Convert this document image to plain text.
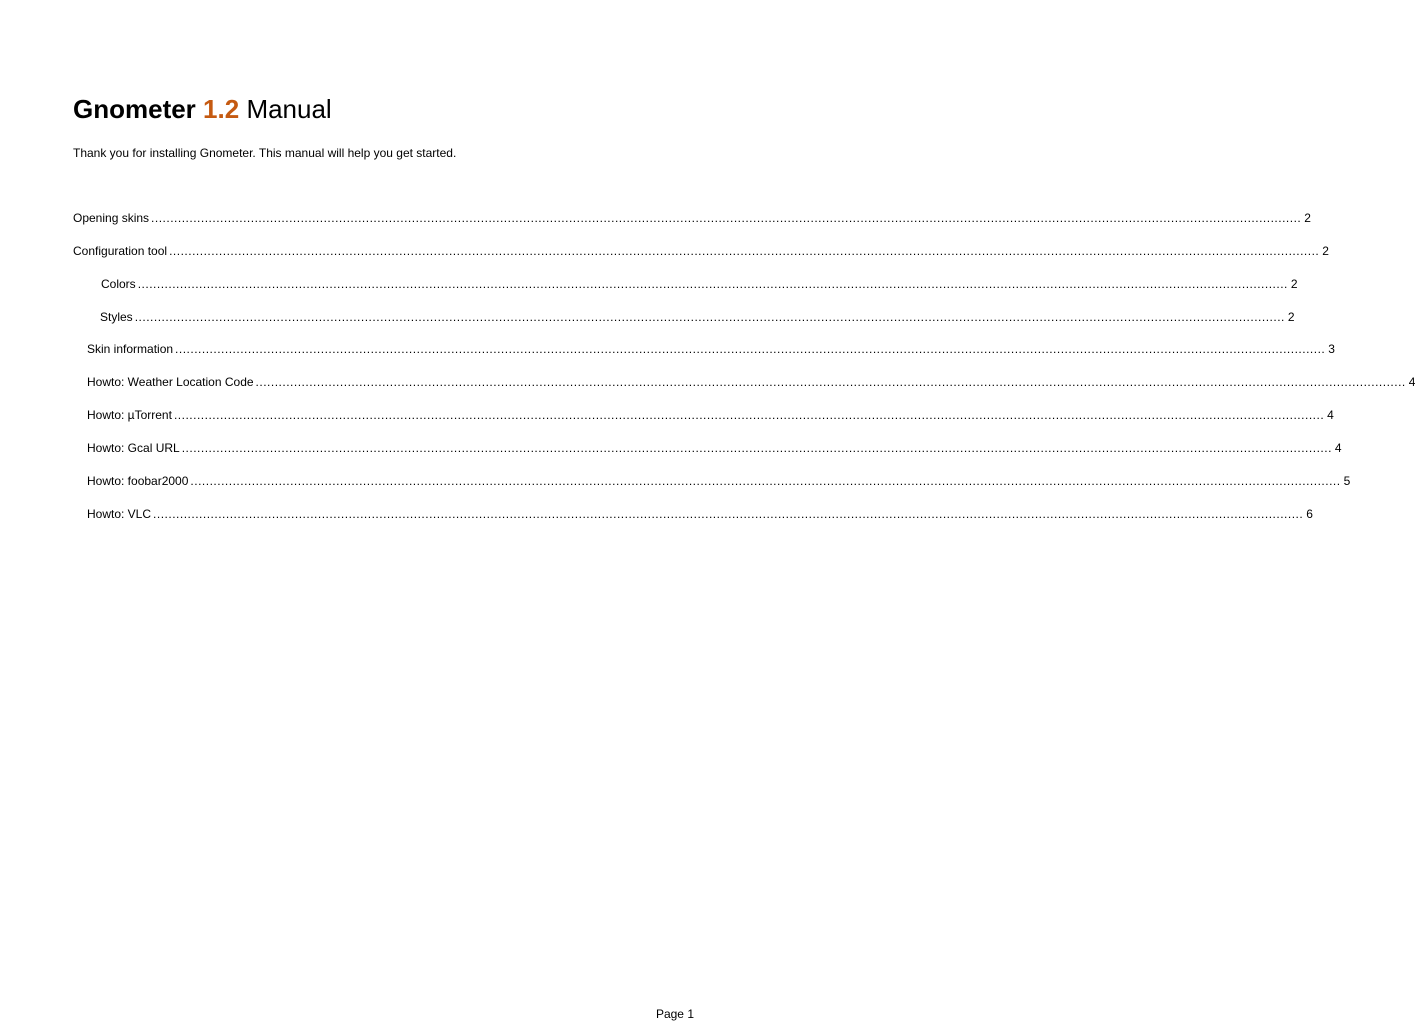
Gnometer 1.2 Manual
Thank you for installing Gnometer. This manual will help you get started.
Opening skins ............................................................................................................................................................................................................................................................................................................ 2
Configuration tool ............................................................................................................................................................................................................................................................................................................ 2
Colors ............................................................................................................................................................................................................................................................................................................ 2
Styles ............................................................................................................................................................................................................................................................................................................ 2
Skin information ............................................................................................................................................................................................................................................................................................................ 3
Howto: Weather Location Code ............................................................................................................................................................................................................................................................................................................ 4
Howto: µTorrent ............................................................................................................................................................................................................................................................................................................ 4
Howto: Gcal URL ............................................................................................................................................................................................................................................................................................................ 4
Howto: foobar2000 ............................................................................................................................................................................................................................................................................................................ 5
Howto: VLC ............................................................................................................................................................................................................................................................................................................ 6
Page 1
